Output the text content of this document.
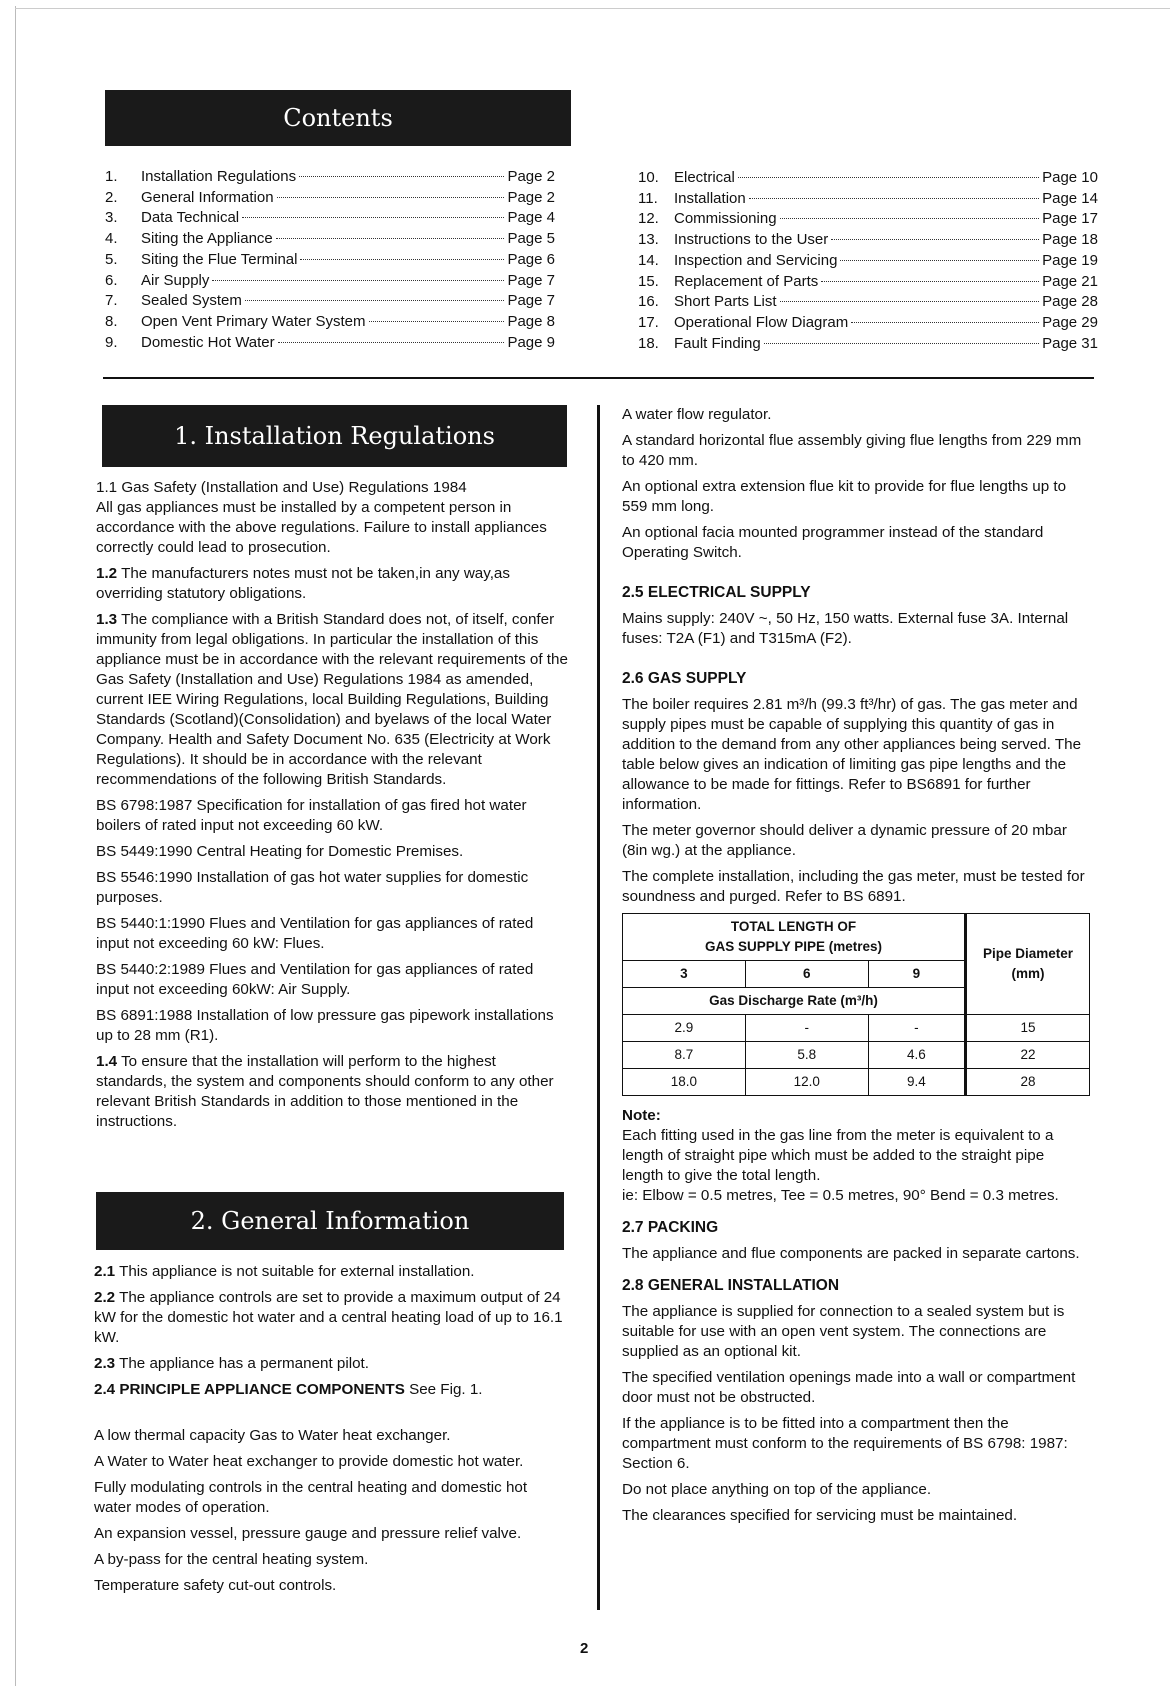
Contents
1.	Installation Regulations	Page 2
2.	General Information	Page 2
3.	Data Technical	Page 4
4.	Siting the Appliance	Page 5
5.	Siting the Flue Terminal	Page 6
6.	Air Supply	Page 7
7.	Sealed System	Page 7
8.	Open Vent Primary Water System	Page 8
9.	Domestic Hot Water	Page 9
10.	Electrical	Page 10
11.	Installation	Page 14
12.	Commissioning	Page 17
13.	Instructions to the User	Page 18
14.	Inspection and Servicing	Page 19
15.	Replacement of Parts	Page 21
16.	Short Parts List	Page 28
17.	Operational Flow Diagram	Page 29
18.	Fault Finding	Page 31
1. Installation Regulations

1.1 Gas Safety (Installation and Use) Regulations 1984
All gas appliances must be installed by a competent person in accordance with the above regulations. Failure to install appliances correctly could lead to prosecution.

1.2 The manufacturers notes must not be taken,in any way,as overriding statutory obligations.

1.3 The compliance with a British Standard does not, of itself, confer immunity from legal obligations. In particular the installation of this appliance must be in accordance with the relevant requirements of the Gas Safety (Installation and Use) Regulations 1984 as amended, current IEE Wiring Regulations, local Building Regulations, Building Standards (Scotland)(Consolidation) and byelaws of the local Water Company. Health and Safety Document No. 635 (Electricity at Work Regulations). It should be in accordance with the relevant recommendations of the following British Standards.

BS 6798:1987 Specification for installation of gas fired hot water boilers of rated input not exceeding 60 kW.

BS 5449:1990 Central Heating for Domestic Premises.

BS 5546:1990 Installation of gas hot water supplies for domestic purposes.

BS 5440:1:1990 Flues and Ventilation for gas appliances of rated input not exceeding 60 kW: Flues.

BS 5440:2:1989 Flues and Ventilation for gas appliances of rated input not exceeding 60kW: Air Supply.

BS 6891:1988 Installation of low pressure gas pipework installations up to 28 mm (R1).

1.4 To ensure that the installation will perform to the highest standards, the system and components should conform to any other relevant British Standards in addition to those mentioned in the instructions.

2. General Information

2.1 This appliance is not suitable for external installation.

2.2 The appliance controls are set to provide a maximum output of 24 kW for the domestic hot water and a central heating load of up to 16.1 kW.

2.3 The appliance has a permanent pilot.

2.4 PRINCIPLE APPLIANCE COMPONENTS See Fig. 1.

A low thermal capacity Gas to Water heat exchanger.

A Water to Water heat exchanger to provide domestic hot water.

Fully modulating controls in the central heating and domestic hot water modes of operation.

An expansion vessel, pressure gauge and pressure relief valve.

A by-pass for the central heating system.

Temperature safety cut-out controls.

A water flow regulator.

A standard horizontal flue assembly giving flue lengths from 229 mm to 420 mm.

An optional extra extension flue kit to provide for flue lengths up to 559 mm long.

An optional facia mounted programmer instead of the standard Operating Switch.

2.5 ELECTRICAL SUPPLY

Mains supply: 240V ~, 50 Hz, 150 watts. External fuse 3A. Internal fuses: T2A (F1) and T315mA (F2).

2.6 GAS SUPPLY

The boiler requires 2.81 m³/h (99.3 ft³/hr) of gas. The gas meter and supply pipes must be capable of supplying this quantity of gas in addition to the demand from any other appliances being served. The table below gives an indication of limiting gas pipe lengths and the allowance to be made for fittings. Refer to BS6891 for further information.

The meter governor should deliver a dynamic pressure of 20 mbar (8in wg.) at the appliance.

The complete installation, including the gas meter, must be tested for soundness and purged. Refer to BS 6891.

TOTAL LENGTH OF
GAS SUPPLY PIPE (metres)			Pipe Diameter (mm)
3	6	9	
Gas Discharge Rate (m³/h)			
2.9	-	-	15
8.7	5.8	4.6	22
18.0	12.0	9.4	28

Note:

Each fitting used in the gas line from the meter is equivalent to a length of straight pipe which must be added to the straight pipe length to give the total length.

ie: Elbow = 0.5 metres, Tee = 0.5 metres, 90° Bend = 0.3 metres.

2.7 PACKING

The appliance and flue components are packed in separate cartons.

2.8 GENERAL INSTALLATION

The appliance is supplied for connection to a sealed system but is suitable for use with an open vent system. The connections are supplied as an optional kit.

The specified ventilation openings made into a wall or compartment door must not be obstructed.

If the appliance is to be fitted into a compartment then the compartment must conform to the requirements of BS 6798: 1987: Section 6.

Do not place anything on top of the appliance.

The clearances specified for servicing must be maintained.

2
